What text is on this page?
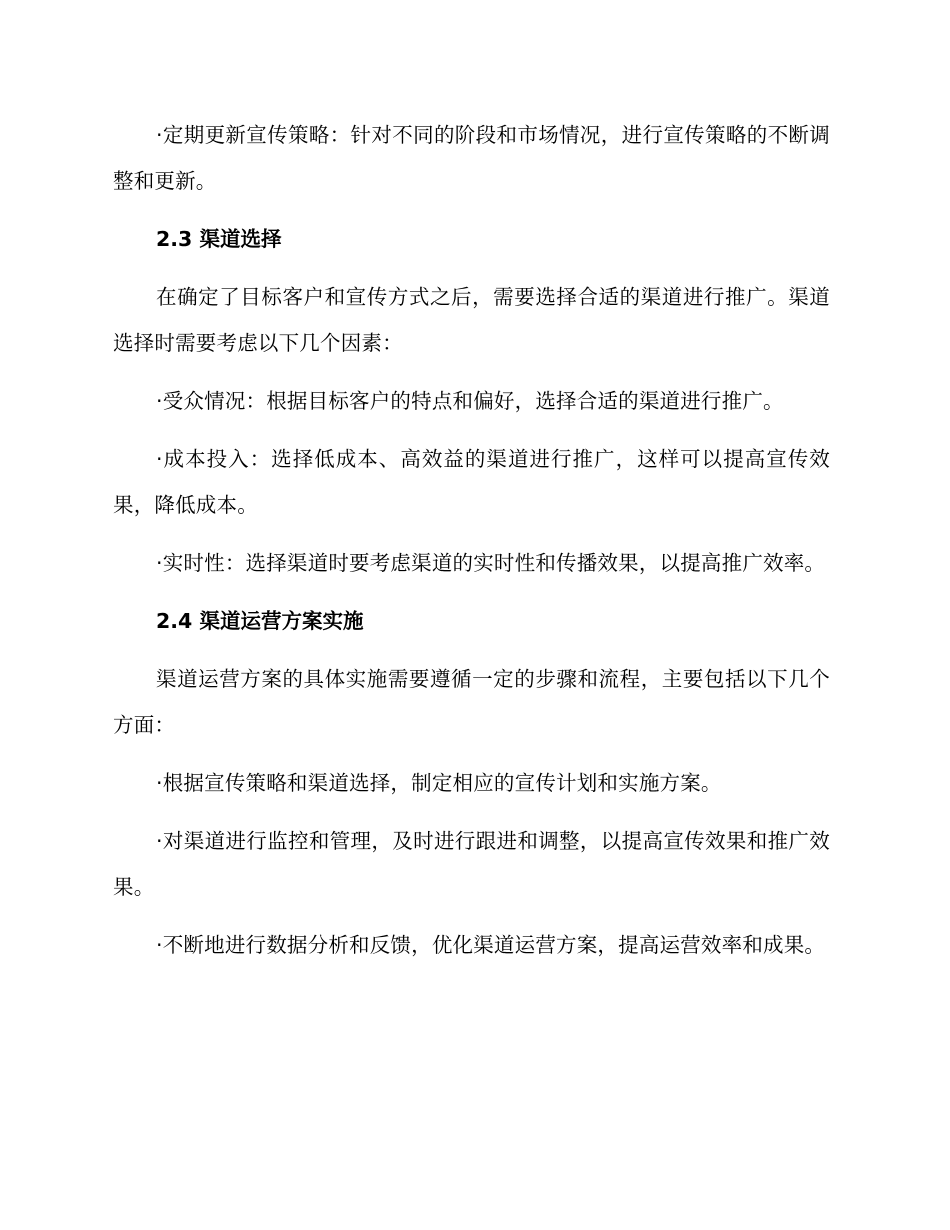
·定期更新宣传策略：针对不同的阶段和市场情况，进行宣传策略的不断调整和更新。

2.3 渠道选择

在确定了目标客户和宣传方式之后，需要选择合适的渠道进行推广。渠道选择时需要考虑以下几个因素：

·受众情况：根据目标客户的特点和偏好，选择合适的渠道进行推广。

·成本投入：选择低成本、高效益的渠道进行推广，这样可以提高宣传效果，降低成本。

·实时性：选择渠道时要考虑渠道的实时性和传播效果，以提高推广效率。

2.4 渠道运营方案实施

渠道运营方案的具体实施需要遵循一定的步骤和流程，主要包括以下几个方面：

·根据宣传策略和渠道选择，制定相应的宣传计划和实施方案。

·对渠道进行监控和管理，及时进行跟进和调整，以提高宣传效果和推广效果。

·不断地进行数据分析和反馈，优化渠道运营方案，提高运营效率和成果。
